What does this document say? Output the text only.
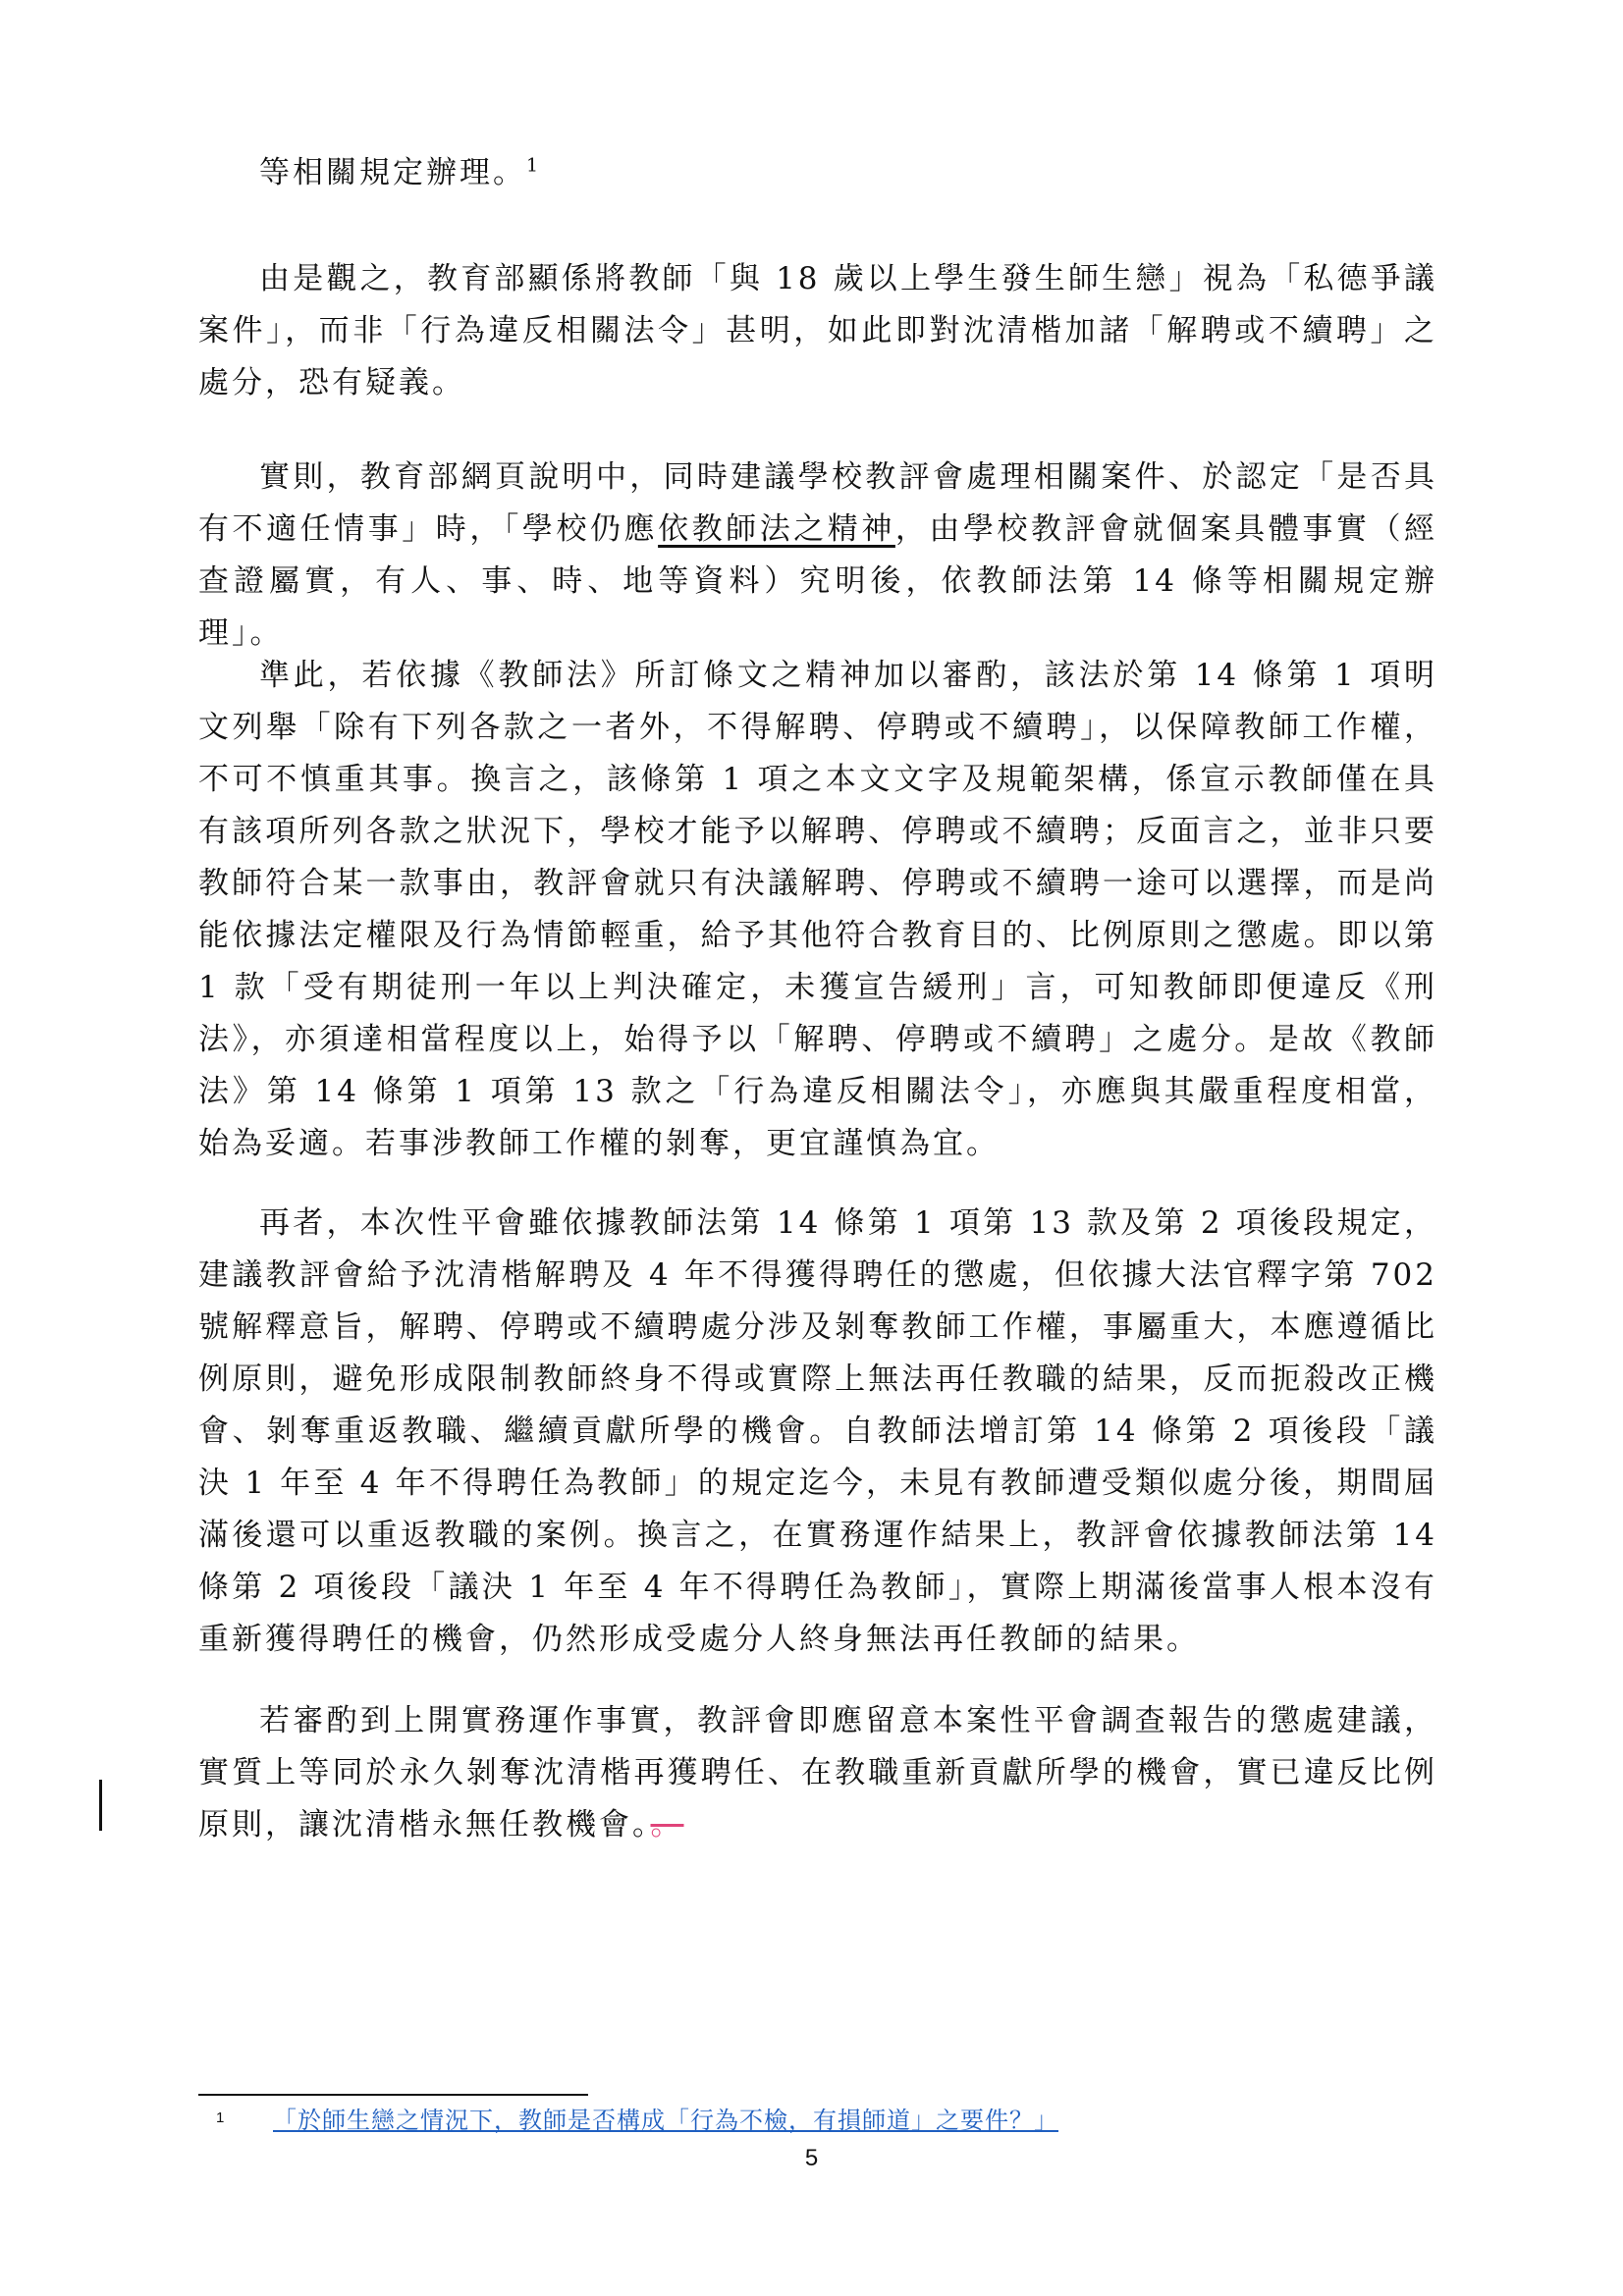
等相關規定辦理。$^1$

由是觀之，教育部顯係將教師「與 18 歲以上學生發生師生戀」視為「私德爭議案件」，而非「行為違反相關法令」甚明，如此即對沈清楷加諸「解聘或不續聘」之處分，恐有疑義。

實則，教育部網頁說明中，同時建議學校教評會處理相關案件、於認定「是否具有不適任情事」時，「學校仍應依教師法之精神，由學校教評會就個案具體事實（經查證屬實，有人、事、時、地等資料）究明後，依教師法第 14 條等相關規定辦理」。

準此，若依據《教師法》所訂條文之精神加以審酌，該法於第 14 條第 1 項明文列舉「除有下列各款之一者外，不得解聘、停聘或不續聘」，以保障教師工作權，不可不慎重其事。換言之，該條第 1 項之本文文字及規範架構，係宣示教師僅在具有該項所列各款之狀況下，學校才能予以解聘、停聘或不續聘；反面言之，並非只要教師符合某一款事由，教評會就只有決議解聘、停聘或不續聘一途可以選擇，而是尚能依據法定權限及行為情節輕重，給予其他符合教育目的、比例原則之懲處。即以第 1 款「受有期徒刑一年以上判決確定，未獲宣告緩刑」言，可知教師即便違反《刑法》，亦須達相當程度以上，始得予以「解聘、停聘或不續聘」之處分。是故《教師法》第 14 條第 1 項第 13 款之「行為違反相關法令」，亦應與其嚴重程度相當，始為妥適。若事涉教師工作權的剝奪，更宜謹慎為宜。

再者，本次性平會雖依據教師法第 14 條第 1 項第 13 款及第 2 項後段規定，建議教評會給予沈清楷解聘及 4 年不得獲得聘任的懲處，但依據大法官釋字第 702 號解釋意旨，解聘、停聘或不續聘處分涉及剝奪教師工作權，事屬重大，本應遵循比例原則，避免形成限制教師終身不得或實際上無法再任教職的結果，反而扼殺改正機會、剝奪重返教職、繼續貢獻所學的機會。自教師法增訂第 14 條第 2 項後段「議決 1 年至 4 年不得聘任為教師」的規定迄今，未見有教師遭受類似處分後，期間屆滿後還可以重返教職的案例。換言之，在實務運作結果上，教評會依據教師法第 14 條第 2 項後段「議決 1 年至 4 年不得聘任為教師」，實際上期滿後當事人根本沒有重新獲得聘任的機會，仍然形成受處分人終身無法再任教師的結果。

若審酌到上開實務運作事實，教評會即應留意本案性平會調查報告的懲處建議，實質上等同於永久剝奪沈清楷再獲聘任、在教職重新貢獻所學的機會，實已違反比例原則，讓沈清楷永無任教機會。。

1 「於師生戀之情況下，教師是否構成「行為不檢，有損師道」之要件？」
5
